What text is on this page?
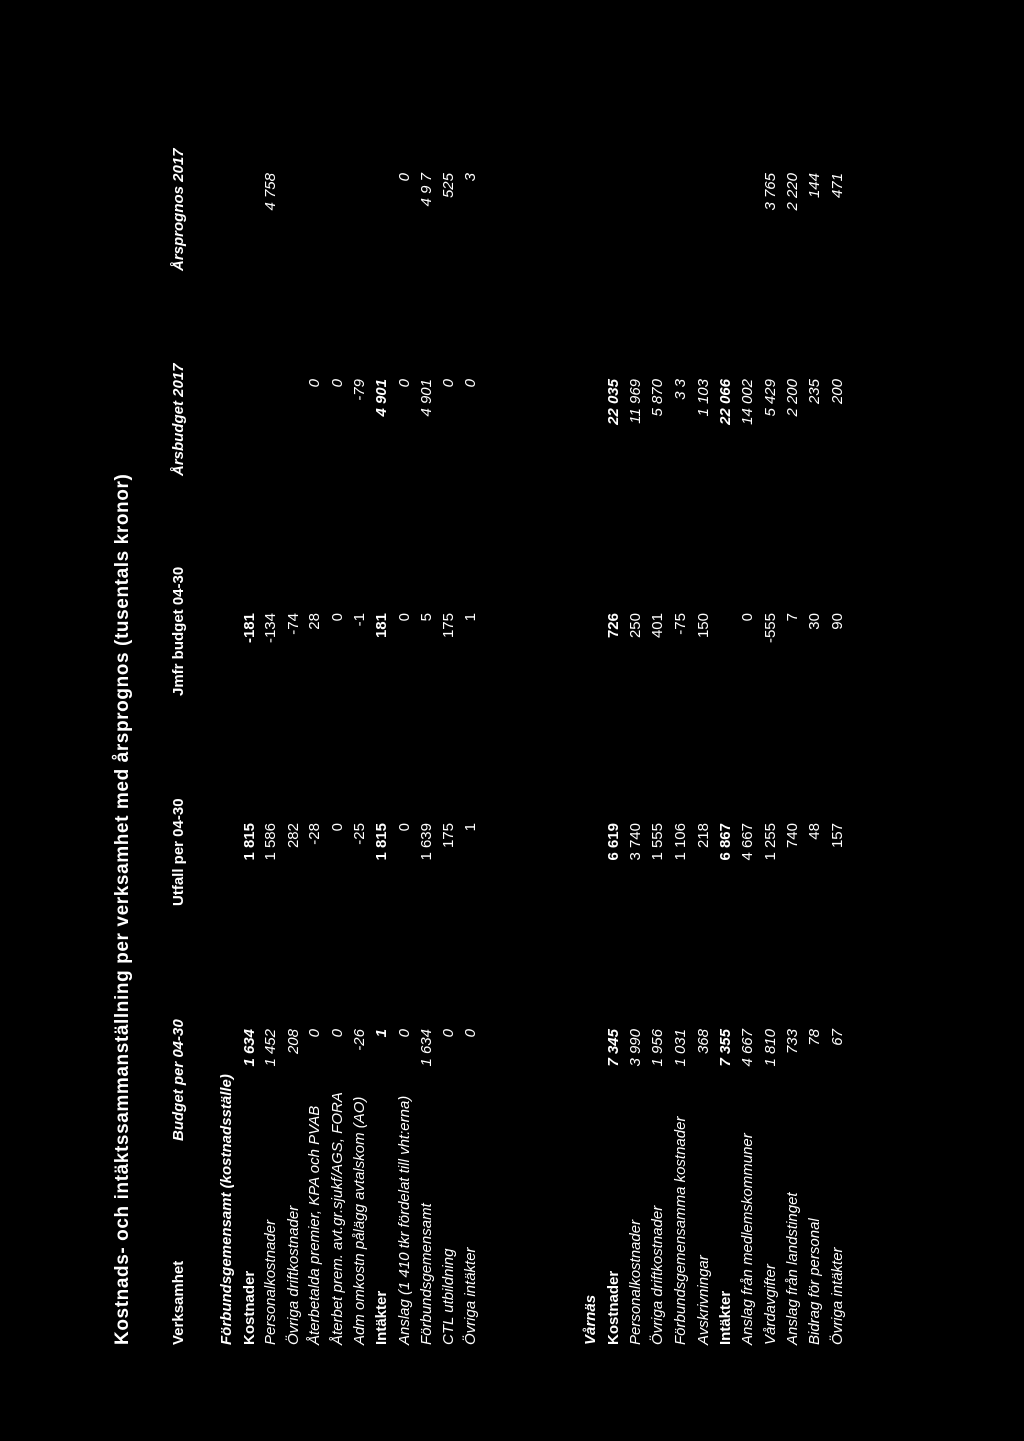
Kostnads- och intäktssammanställning per verksamhet med årsprognos (tusentals kronor) Verksamhet
Budget per 04-30
Utfall per 04-30
Jmfr budget 04-30
Årsbudget 2017
Årsprognos 2017
Förbundsgemensamt (kostnadsställe) Kostnader
1 634
1 815
-181
Personalkostnader
1 452
1 586
-134
4 758
Övriga driftkostnader
208
282
-74
Återbetalda premier, KPA och PVAB
0
-28
28
0
Återbet prem. avt.gr.sjukf/AGS, FORA
0
0
0
0
Adm omkostn pålägg avtalskom (AO)
-26
-25
-1
-79
Intäkter
1
1 815
181
4 901
Anslag (1 410 tkr fördelat till vht:erna)
0
0
0
0
0
Förbundsgemensamt
1 634
1 639
5
4 901
4 9 7
CTL utbildning
0
175
175
0
525
Övriga intäkter
0
1
1
0
3
Vårnäs Kostnader
7 345
6 619
726
22 035
Personalkostnader
3 990
3 740
250
11 969
Övriga driftkostnader
1 956
1 555
401
5 870
Förbundsgemensamma kostnader
1 031
1 106
-75
3 3
Avskrivningar
368
218
150
1 103
Intäkter
7 355
6 867
22 066
Anslag från medlemskommuner
4 667
4 667
0
14 002
Vårdavgifter
1 810
1 255
-555
5 429
3 765
Anslag från landstinget
733
740
7
2 200
2 220
Bidrag för personal
78
48
30
235
144
Övriga intäkter
67
157
90
200
471
